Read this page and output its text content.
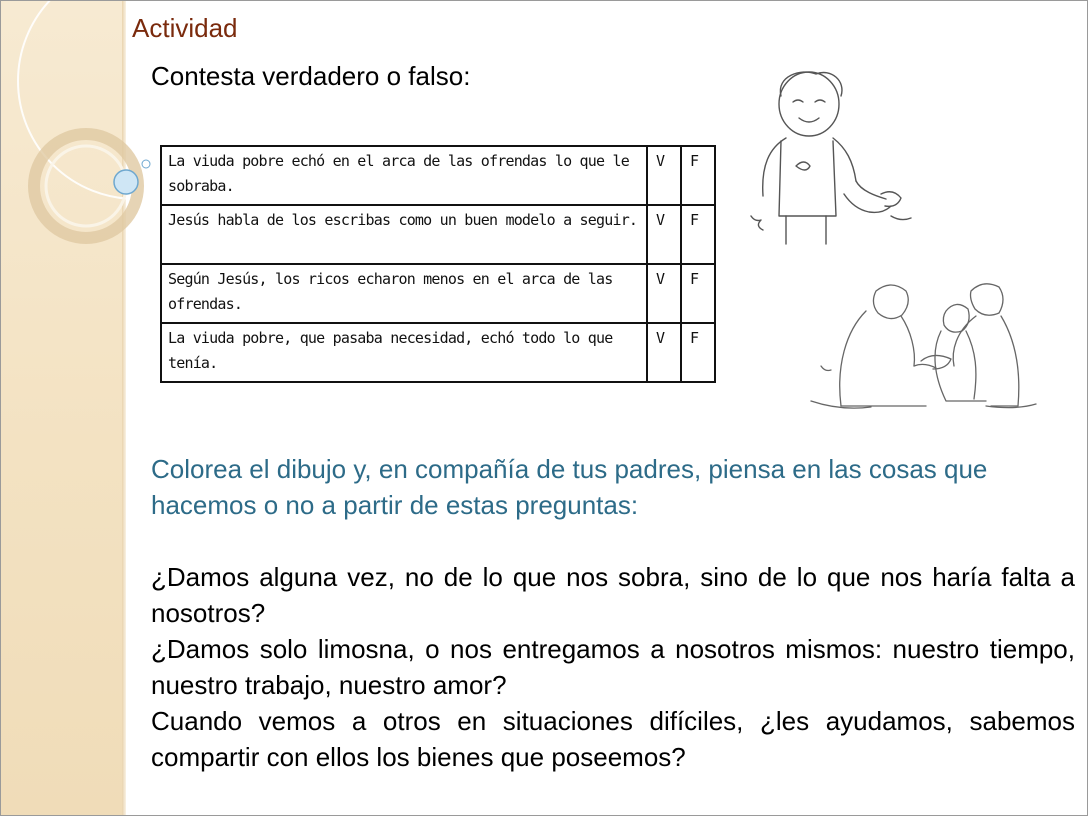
Actividad
Contesta verdadero o falso:
La viuda pobre echó en el arca de las ofrendas lo que le sobraba.	V	F
Jesús habla de los escribas como un buen modelo a seguir.	V	F
Según Jesús, los ricos echaron menos en el arca de las ofrendas.	V	F
La viuda pobre, que pasaba necesidad, echó todo lo que tenía.	V	F
Colorea el dibujo y, en compañía de tus padres, piensa en las cosas que hacemos o no a partir de estas preguntas:

¿Damos alguna vez, no de lo que nos sobra, sino de lo que nos haría falta a nosotros?

¿Damos solo limosna, o nos entregamos a nosotros mismos: nuestro tiempo, nuestro trabajo, nuestro amor?

Cuando vemos a otros en situaciones difíciles, ¿les ayudamos, sabemos compartir con ellos los bienes que poseemos?
